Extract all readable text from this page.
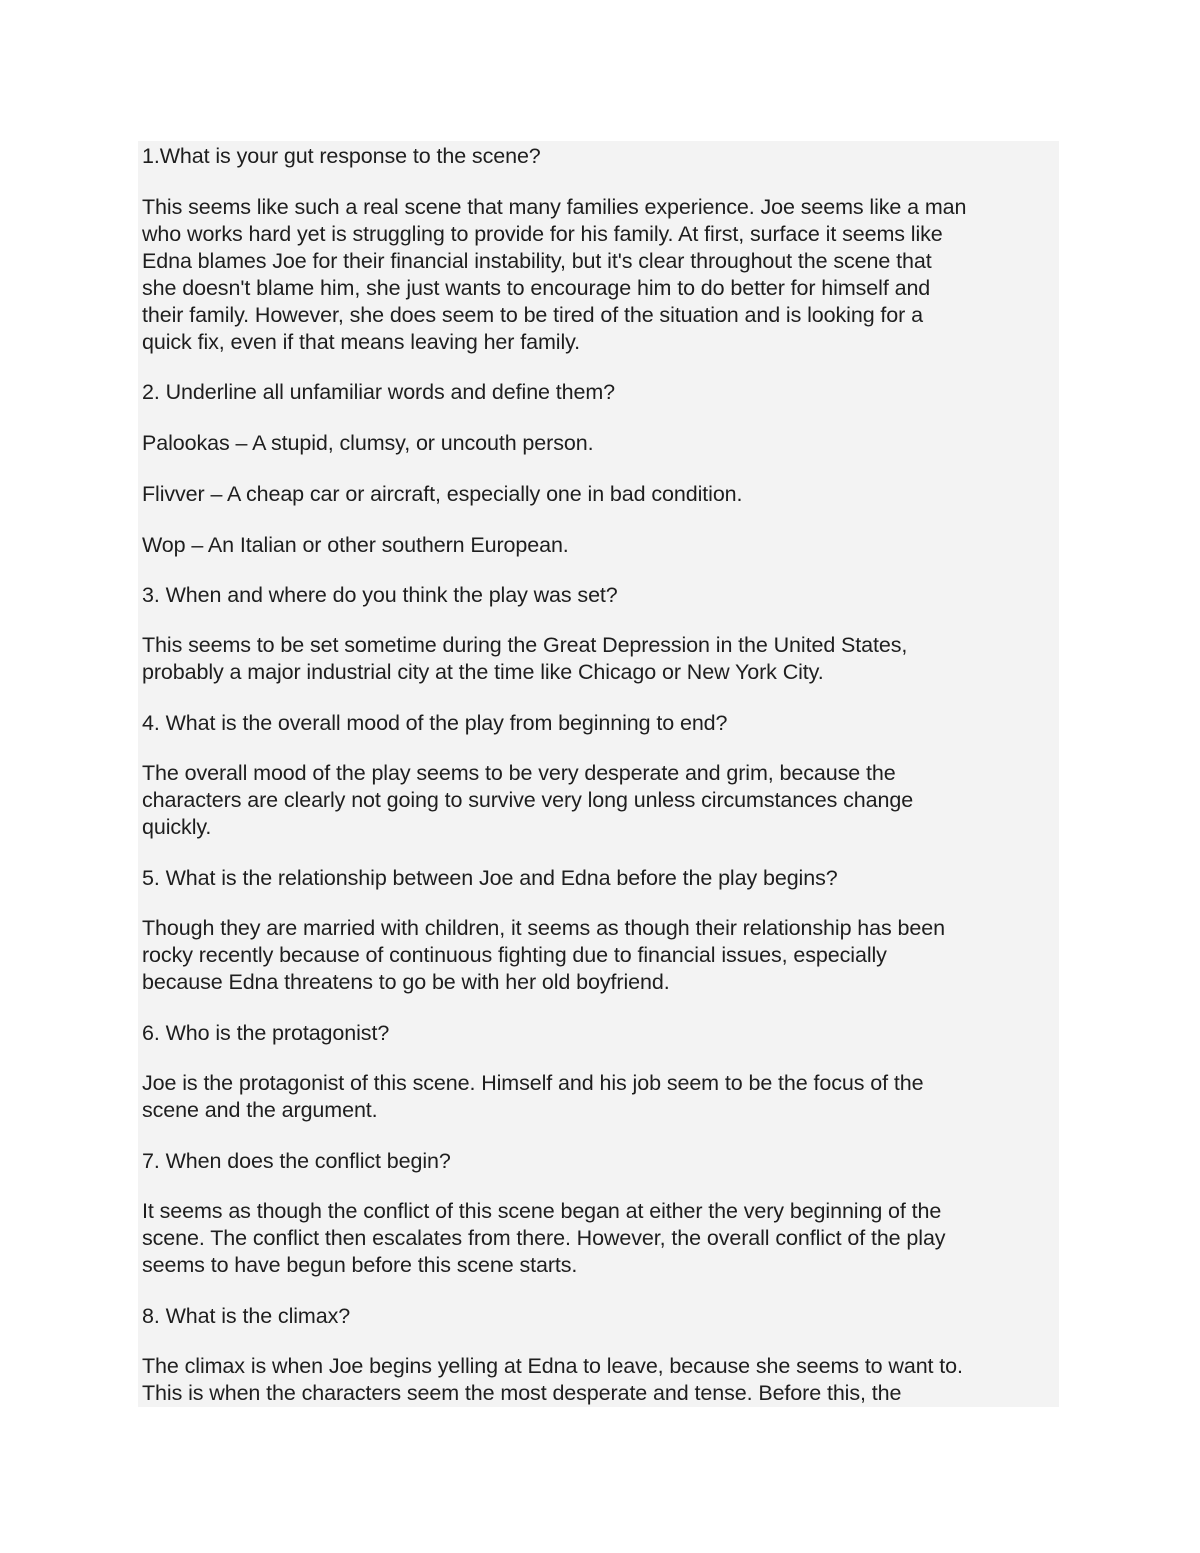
1.What is your gut response to the scene?

This seems like such a real scene that many families experience. Joe seems like a man
who works hard yet is struggling to provide for his family. At first, surface it seems like
Edna blames Joe for their financial instability, but it's clear throughout the scene that
she doesn't blame him, she just wants to encourage him to do better for himself and
their family. However, she does seem to be tired of the situation and is looking for a
quick fix, even if that means leaving her family.

2. Underline all unfamiliar words and define them?

Palookas – A stupid, clumsy, or uncouth person.

Flivver – A cheap car or aircraft, especially one in bad condition.

Wop – An Italian or other southern European.

3. When and where do you think the play was set?

This seems to be set sometime during the Great Depression in the United States,
probably a major industrial city at the time like Chicago or New York City.

4. What is the overall mood of the play from beginning to end?

The overall mood of the play seems to be very desperate and grim, because the
characters are clearly not going to survive very long unless circumstances change
quickly.

5. What is the relationship between Joe and Edna before the play begins?

Though they are married with children, it seems as though their relationship has been
rocky recently because of continuous fighting due to financial issues, especially
because Edna threatens to go be with her old boyfriend.

6. Who is the protagonist?

Joe is the protagonist of this scene. Himself and his job seem to be the focus of the
scene and the argument.

7. When does the conflict begin?

It seems as though the conflict of this scene began at either the very beginning of the
scene. The conflict then escalates from there. However, the overall conflict of the play
seems to have begun before this scene starts.

8. What is the climax?

The climax is when Joe begins yelling at Edna to leave, because she seems to want to.
This is when the characters seem the most desperate and tense. Before this, the
